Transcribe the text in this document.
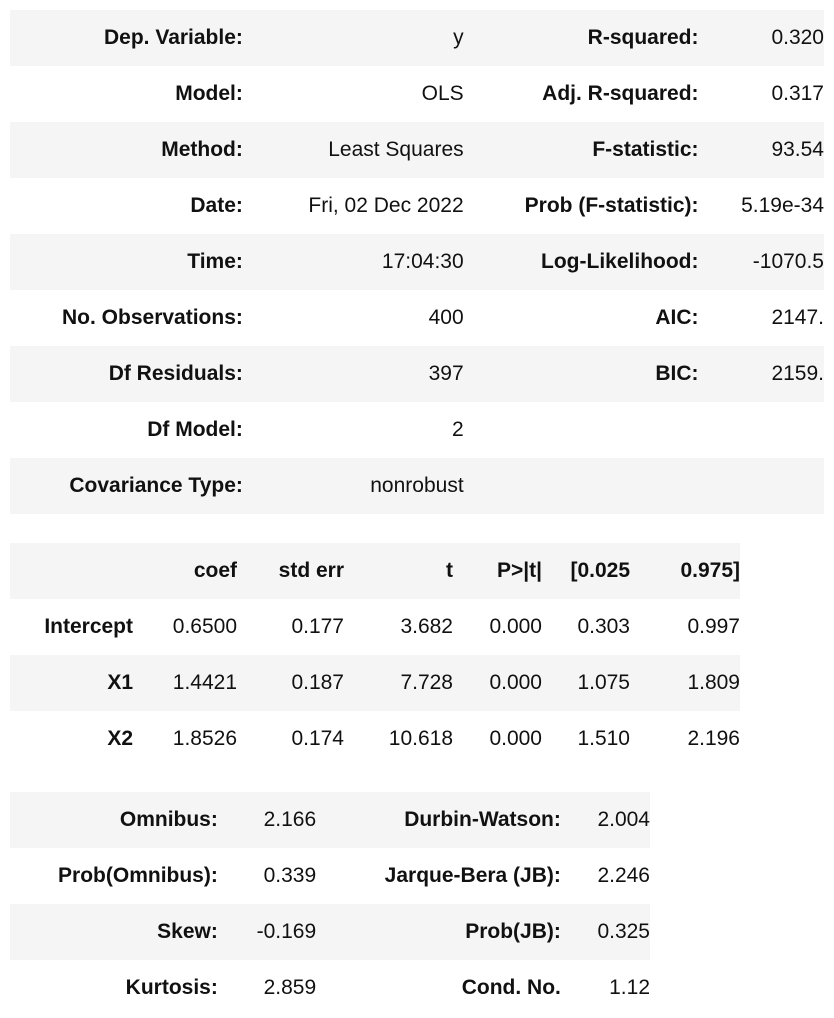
Dep. Variable:	y	R-squared:	0.320
Model:	OLS	Adj. R-squared:	0.317
Method:	Least Squares	F-statistic:	93.54
Date:	Fri, 02 Dec 2022	Prob (F-statistic):	5.19e-34
Time:	17:04:30	Log-Likelihood:	-1070.5
No. Observations:	400	AIC:	2147.
Df Residuals:	397	BIC:	2159.
Df Model:	2		
Covariance Type:	nonrobust		
	coef	std err	t	P>|t|	[0.025	0.975]
Intercept	0.6500	0.177	3.682	0.000	0.303	0.997
X1	1.4421	0.187	7.728	0.000	1.075	1.809
X2	1.8526	0.174	10.618	0.000	1.510	2.196
Omnibus:	2.166	Durbin-Watson:	2.004
Prob(Omnibus):	0.339	Jarque-Bera (JB):	2.246
Skew:	-0.169	Prob(JB):	0.325
Kurtosis:	2.859	Cond. No.	1.12
